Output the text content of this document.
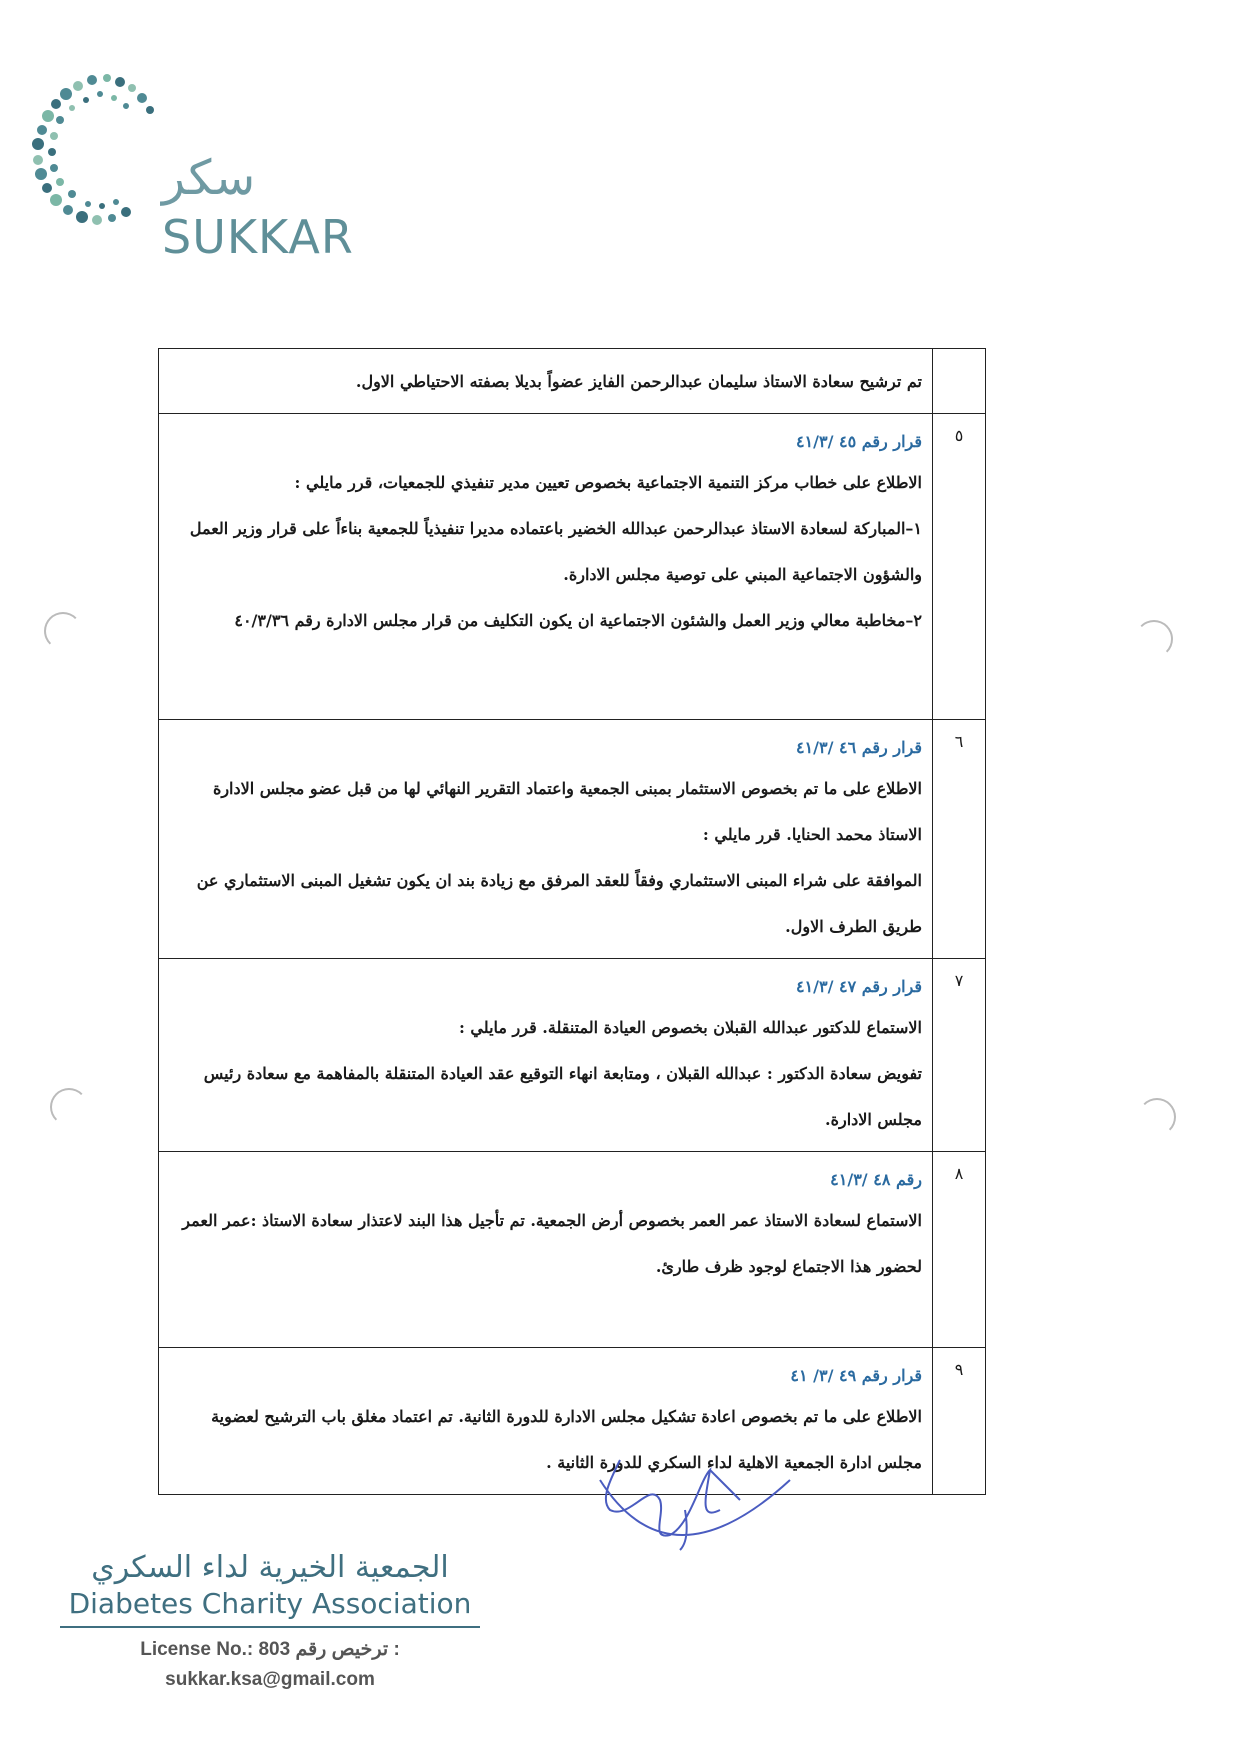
سكر
SUKKAR

	تم ترشيح سعادة الاستاذ سليمان عبدالرحمن الفايز عضواً بديلا بصفته الاحتياطي الاول.

٥	قرار رقم ٤٥ /٤١/٣

الاطلاع على خطاب مركز التنمية الاجتماعية بخصوص تعيين مدير تنفيذي للجمعيات، قرر مايلي :

١–المباركة لسعادة الاستاذ عبدالرحمن عبدالله الخضير باعتماده مديرا تنفيذياً للجمعية بناءاً على قرار وزير العمل والشؤون الاجتماعية المبني على توصية مجلس الادارة.

٢–مخاطبة معالي وزير العمل والشئون الاجتماعية ان يكون التكليف من قرار مجلس الادارة رقم ٤٠/٣/٣٦

٦	قرار رقم ٤٦ /٤١/٣

الاطلاع على ما تم بخصوص الاستثمار بمبنى الجمعية واعتماد التقرير النهائي لها من قبل عضو مجلس الادارة الاستاذ محمد الحنايا. قرر مايلي :

الموافقة على شراء المبنى الاستثماري وفقاً للعقد المرفق مع زيادة بند ان يكون تشغيل المبنى الاستثماري عن طريق الطرف الاول.

٧	قرار رقم ٤٧ /٤١/٣

الاستماع للدكتور عبدالله القبلان بخصوص العيادة المتنقلة. قرر مايلي :

تفويض سعادة الدكتور : عبدالله القبلان ، ومتابعة انهاء التوقيع عقد العيادة المتنقلة بالمفاهمة مع سعادة رئيس مجلس الادارة.

٨	رقم ٤٨ /٤١/٣

الاستماع لسعادة الاستاذ عمر العمر بخصوص أرض الجمعية. تم تأجيل هذا البند لاعتذار سعادة الاستاذ :عمر العمر لحضور هذا الاجتماع لوجود ظرف طارئ.

٩	قرار رقم ٤٩ /٣/ ٤١

الاطلاع على ما تم بخصوص اعادة تشكيل مجلس الادارة للدورة الثانية. تم اعتماد مغلق باب الترشيح لعضوية مجلس ادارة الجمعية الاهلية لداء السكري للدورة الثانية .

الجمعية الخيرية لداء السكري
Diabetes Charity Association
License No.: 803 ترخيص رقم :
sukkar.ksa@gmail.com
